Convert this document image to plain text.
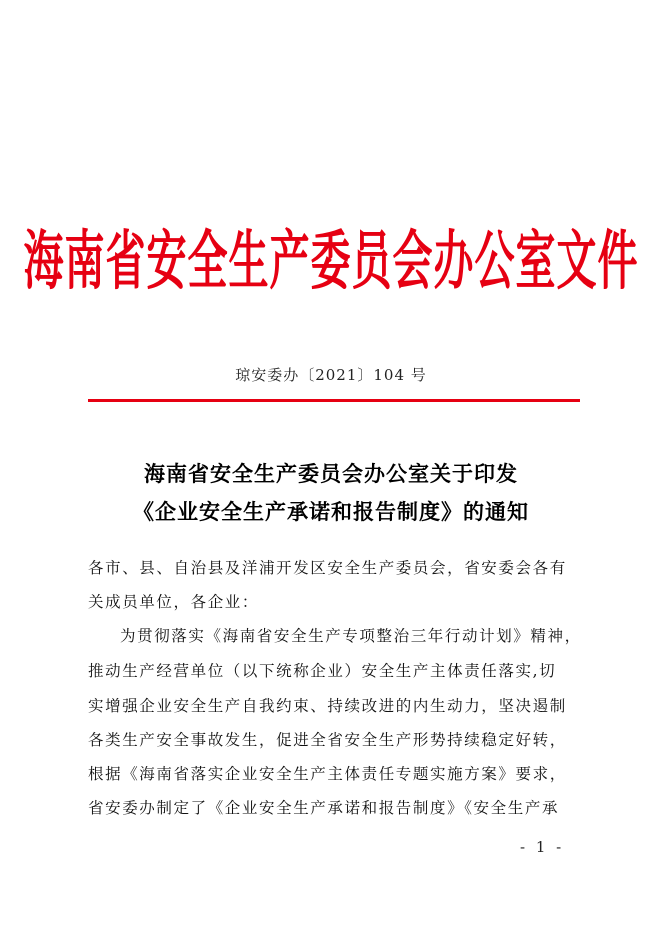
海南省安全生产委员会办公室文件
琼安委办〔2021〕104 号
海南省安全生产委员会办公室关于印发
《企业安全生产承诺和报告制度》的通知
各市、县、自治县及洋浦开发区安全生产委员会，省安委会各有
关成员单位，各企业：
为贯彻落实《海南省安全生产专项整治三年行动计划》精神，
推动生产经营单位（以下统称企业）安全生产主体责任落实,切
实增强企业安全生产自我约束、持续改进的内生动力，坚决遏制
各类生产安全事故发生，促进全省安全生产形势持续稳定好转，
根据《海南省落实企业安全生产主体责任专题实施方案》要求，
省安委办制定了《企业安全生产承诺和报告制度》《安全生产承
- 1 -
